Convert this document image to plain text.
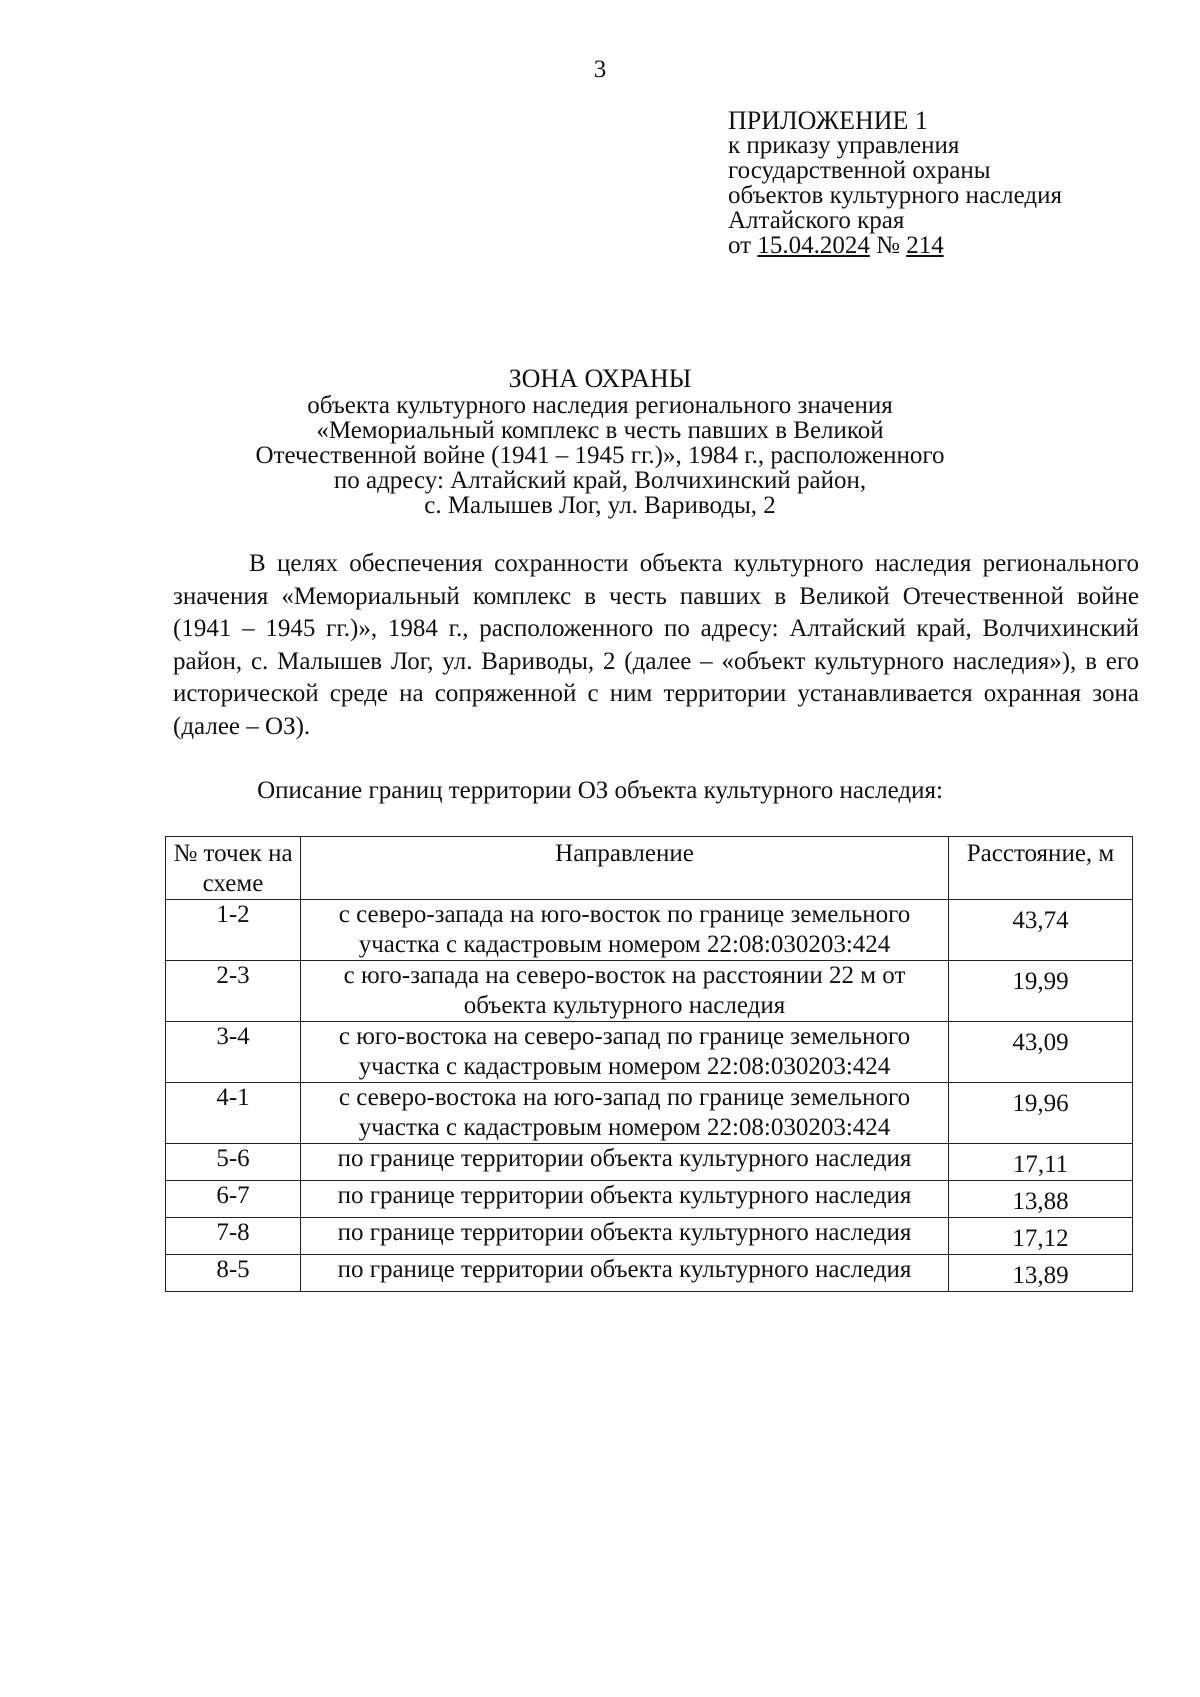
3
ПРИЛОЖЕНИЕ 1
к приказу управления
государственной охраны
объектов культурного наследия
Алтайского края
от 15.04.2024 № 214
ЗОНА ОХРАНЫ
объекта культурного наследия регионального значения
«Мемориальный комплекс в честь павших в Великой
Отечественной войне (1941 – 1945 гг.)», 1984 г., расположенного
по адресу: Алтайский край, Волчихинский район,
с. Малышев Лог, ул. Вариводы, 2
В целях обеспечения сохранности объекта культурного наследия регионального значения «Мемориальный комплекс в честь павших в Великой Отечественной войне (1941 – 1945 гг.)», 1984 г., расположенного по адресу: Алтайский край, Волчихинский район, с. Малышев Лог, ул. Вариводы, 2 (далее – «объект культурного наследия»), в его исторической среде на сопряженной с ним территории устанавливается охранная зона (далее – ОЗ).
Описание границ территории ОЗ объекта культурного наследия:
№ точек на схеме	Направление	Расстояние, м
1-2	с северо-запада на юго-восток по границе земельного участка с кадастровым номером 22:08:030203:424	43,74
2-3	с юго-запада на северо-восток на расстоянии 22 м от объекта культурного наследия	19,99
3-4	с юго-востока на северо-запад по границе земельного участка с кадастровым номером 22:08:030203:424	43,09
4-1	с северо-востока на юго-запад по границе земельного участка с кадастровым номером 22:08:030203:424	19,96
5-6	по границе территории объекта культурного наследия	17,11
6-7	по границе территории объекта культурного наследия	13,88
7-8	по границе территории объекта культурного наследия	17,12
8-5	по границе территории объекта культурного наследия	13,89
